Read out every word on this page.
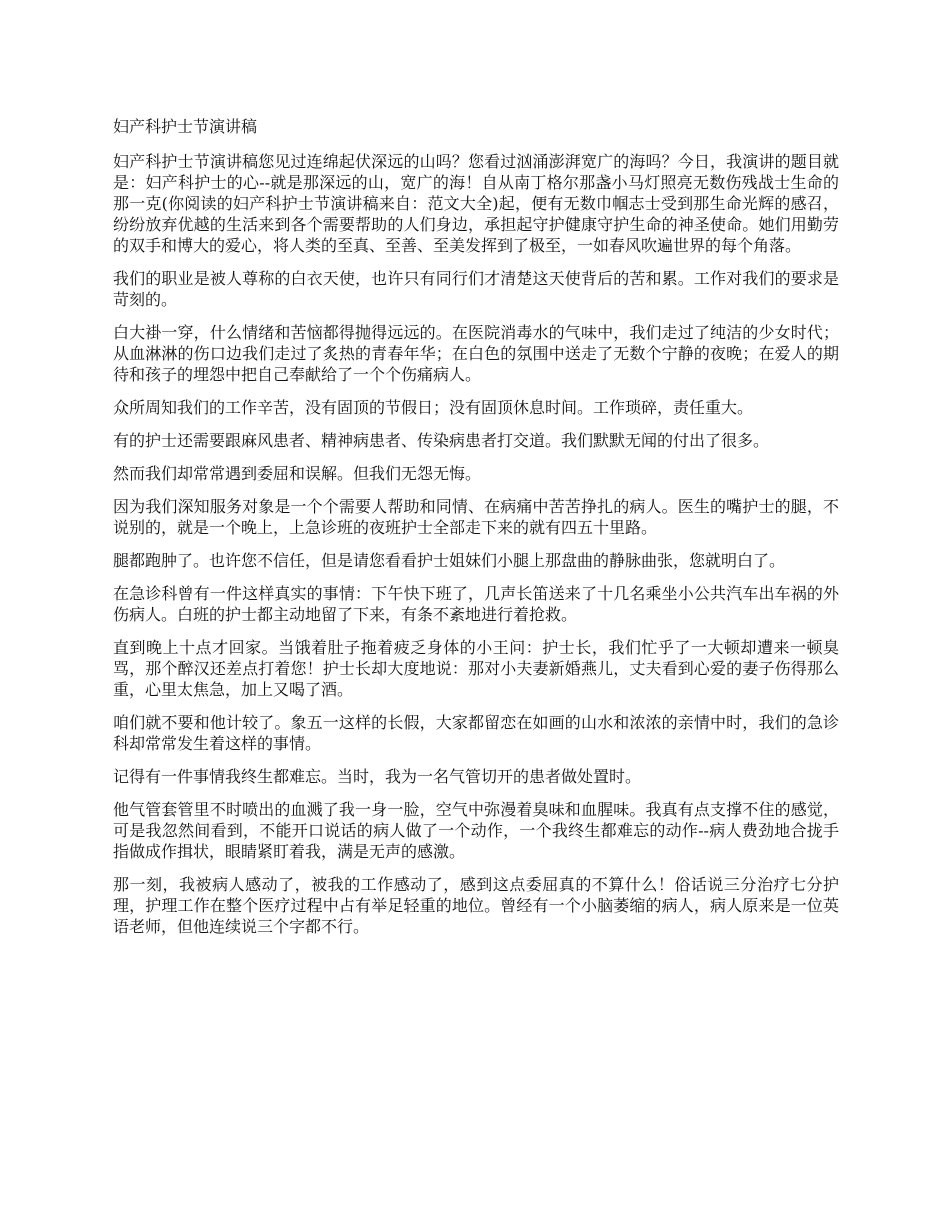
妇产科护士节演讲稿

妇产科护士节演讲稿您见过连绵起伏深远的山吗？您看过汹涌澎湃宽广的海吗？今日，我演讲的题目就是：妇产科护士的心--就是那深远的山，宽广的海！自从南丁格尔那盏小马灯照亮无数伤残战士生命的那一克(你阅读的妇产科护士节演讲稿来自：范文大全)起，便有无数巾帼志士受到那生命光辉的感召，纷纷放弃优越的生活来到各个需要帮助的人们身边，承担起守护健康守护生命的神圣使命。她们用勤劳的双手和博大的爱心，将人类的至真、至善、至美发挥到了极至，一如春风吹遍世界的每个角落。

我们的职业是被人尊称的白衣天使，也许只有同行们才清楚这天使背后的苦和累。工作对我们的要求是苛刻的。

白大褂一穿，什么情绪和苦恼都得抛得远远的。在医院消毒水的气味中，我们走过了纯洁的少女时代；从血淋淋的伤口边我们走过了炙热的青春年华；在白色的氛围中送走了无数个宁静的夜晚；在爱人的期待和孩子的埋怨中把自己奉献给了一个个伤痛病人。

众所周知我们的工作辛苦，没有固顶的节假日；没有固顶休息时间。工作琐碎，责任重大。

有的护士还需要跟麻风患者、精神病患者、传染病患者打交道。我们默默无闻的付出了很多。

然而我们却常常遇到委屈和误解。但我们无怨无悔。

因为我们深知服务对象是一个个需要人帮助和同情、在病痛中苦苦挣扎的病人。医生的嘴护士的腿，不说别的，就是一个晚上，上急诊班的夜班护士全部走下来的就有四五十里路。

腿都跑肿了。也许您不信任，但是请您看看护士姐妹们小腿上那盘曲的静脉曲张，您就明白了。

在急诊科曾有一件这样真实的事情：下午快下班了，几声长笛送来了十几名乘坐小公共汽车出车祸的外伤病人。白班的护士都主动地留了下来，有条不紊地进行着抢救。

直到晚上十点才回家。当饿着肚子拖着疲乏身体的小王问：护士长，我们忙乎了一大顿却遭来一顿臭骂，那个醉汉还差点打着您！护士长却大度地说：那对小夫妻新婚燕儿，丈夫看到心爱的妻子伤得那么重，心里太焦急，加上又喝了酒。

咱们就不要和他计较了。象五一这样的长假，大家都留恋在如画的山水和浓浓的亲情中时，我们的急诊科却常常发生着这样的事情。

记得有一件事情我终生都难忘。当时，我为一名气管切开的患者做处置时。

他气管套管里不时喷出的血溅了我一身一脸，空气中弥漫着臭味和血腥味。我真有点支撑不住的感觉，可是我忽然间看到，不能开口说话的病人做了一个动作，一个我终生都难忘的动作--病人费劲地合拢手指做成作揖状，眼睛紧盯着我，满是无声的感激。

那一刻，我被病人感动了，被我的工作感动了，感到这点委屈真的不算什么！俗话说三分治疗七分护理，护理工作在整个医疗过程中占有举足轻重的地位。曾经有一个小脑萎缩的病人，病人原来是一位英语老师，但他连续说三个字都不行。
